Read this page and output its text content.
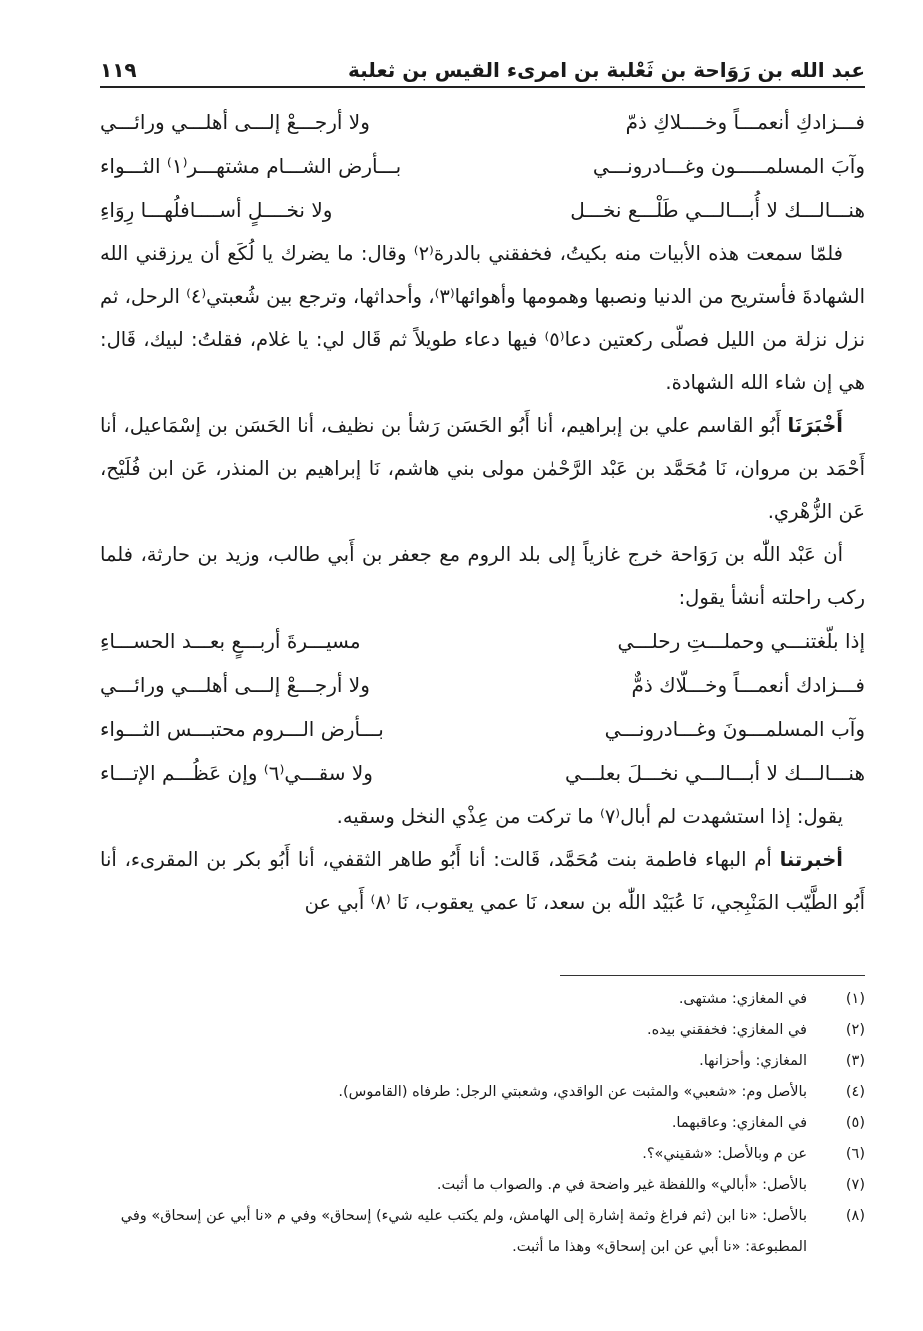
عبد الله بن رَوَاحة بن ثَعْلبة بن امرىء القيس بن ثعلبة
١١٩
فـــزادكِ أنعمـــاً وخــــلاكِ ذمّ
ولا أرجـــعْ إلـــى أهلـــي ورائـــي
وآبَ المسلمـــــون وغـــادرونـــي
بـــأرض الشـــام مشتهـــر⁽١⁾ الثـــواء
هنـــالـــك لا أُبـــالـــي طَلْـــع نخـــل
ولا نخــــلٍ أســــافلُهـــا رِوَاءِ

فلمّا سمعت هذه الأبيات منه بكيتُ، فخفقني بالدرة⁽٢⁾ وقال: ما يضرك يا لُكَع أن يرزقني الله الشهادةَ فأستريح من الدنيا ونصبها وهمومها وأهوائها⁽٣⁾، وأحداثها، وترجع بين شُعبتي⁽٤⁾ الرحل، ثم نزل نزلة من الليل فصلّى ركعتين دعا⁽٥⁾ فيها دعاء طويلاً ثم قَال لي: يا غلام، فقلتُ: لبيك، قَال: هي إن شاء الله الشهادة.

أَخْبَرَنَا أَبُو القاسم علي بن إبراهيم، أنا أَبُو الحَسَن رَشأ بن نظيف، أنا الحَسَن بن إسْمَاعيل، أنا أَحْمَد بن مروان، نَا مُحَمَّد بن عَبْد الرَّحْمٰن مولى بني هاشم، نَا إبراهيم بن المنذر، عَن ابن فُلَيْح، عَن الزُّهْري.

أن عَبْد اللّٰه بن رَوَاحة خرج غازياً إلى بلد الروم مع جعفر بن أَبي طالب، وزيد بن حارثة، فلما ركب راحلته أنشأ يقول:

إذا بلّغتنـــي وحملـــتِ رحلـــي
مسيـــرةَ أربـــعٍ بعـــد الحســـاءِ
فـــزادك أنعمـــاً وخـــلّاك ذمٌّ
ولا أرجـــعْ إلـــى أهلـــي ورائـــي
وآب المسلمـــونَ وغـــادرونـــي
بـــأرض الـــروم محتبـــس الثـــواء
هنـــالـــك لا أبـــالـــي نخـــلَ بعلـــي
ولا سقـــي⁽٦⁾ وإن عَظُـــم الإتـــاء

يقول: إذا استشهدت لم أبال⁽٧⁾ ما تركت من عِذْي النخل وسقيه.

أخبرتنا أم البهاء فاطمة بنت مُحَمَّد، قَالت: أنا أَبُو طاهر الثقفي، أنا أَبُو بكر بن المقرىء، أنا أَبُو الطَّيّب المَنْبِجي، نَا عُبَيْد اللّٰه بن سعد، نَا عمي يعقوب، نَا ⁽٨⁾ أَبي عن

(١)
في المغازي: مشتهى.
(٢)
في المغازي: فخفقني بيده.
(٣)
المغازي: وأحزانها.
(٤)
بالأصل وم: «شعبي» والمثبت عن الواقدي، وشعبتي الرجل: طرفاه (القاموس).
(٥)
في المغازي: وعاقبهما.
(٦)
عن م وبالأصل: «شقيني»؟.
(٧)
بالأصل: «أبالي» واللفظة غير واضحة في م. والصواب ما أثبت.
(٨)
بالأصل: «نا ابن (ثم فراغ وثمة إشارة إلى الهامش، ولم يكتب عليه شيء) إسحاق» وفي م «نا أبي عن إسحاق» وفي المطبوعة: «نا أبي عن ابن إسحاق» وهذا ما أثبت.
